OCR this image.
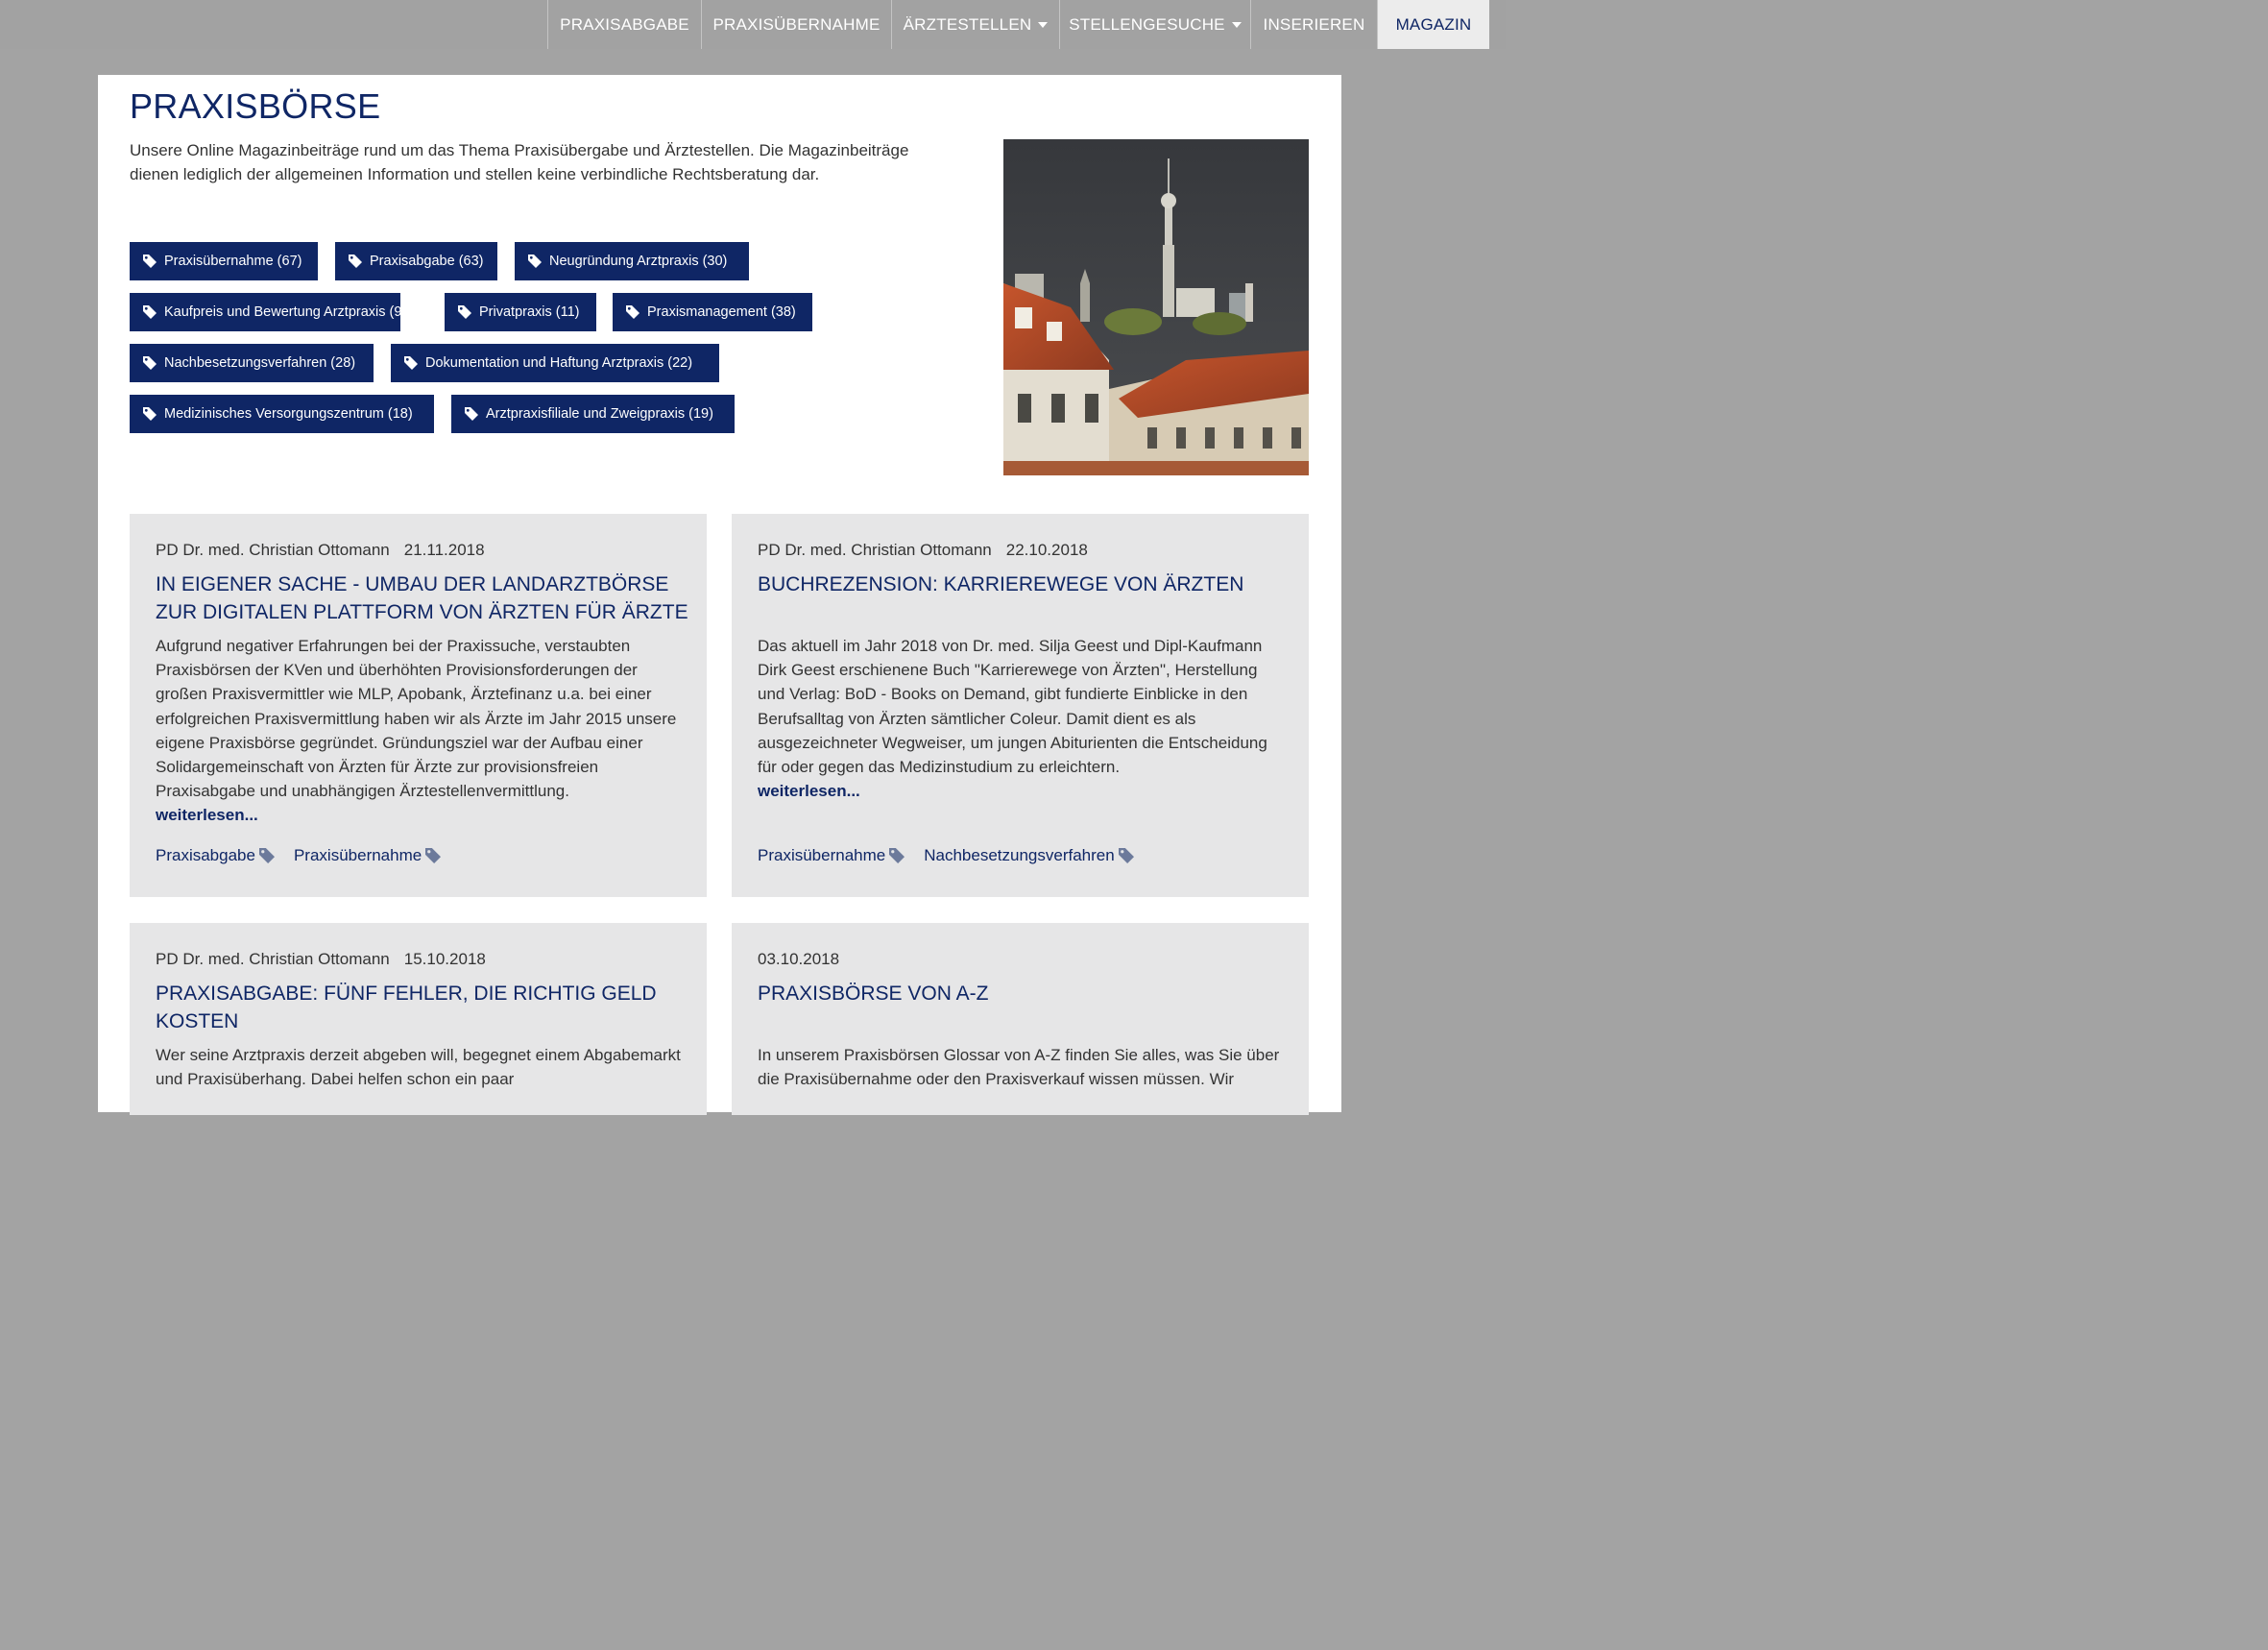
PRAXISABGABE PRAXISÜBERNAHME ÄRZTESTELLEN STELLENGESUCHE INSERIEREN MAGAZIN
PRAXISBÖRSE

Unsere Online Magazinbeiträge rund um das Thema Praxisübergabe und Ärztestellen. Die Magazinbeiträge dienen lediglich der allgemeinen Information und stellen keine verbindliche Rechtsberatung dar.

Praxisübernahme (67)	Praxisabgabe (63)	Neugründung Arztpraxis (30)
Kaufpreis und Bewertung Arztpraxis (9)	Privatpraxis (11)	Praxismanagement (38)
Nachbesetzungsverfahren (28)	Dokumentation und Haftung Arztpraxis (22)
Medizinisches Versorgungszentrum (18)	Arztpraxisfiliale und Zweigpraxis (19)
PD Dr. med. Christian Ottomann 21.11.2018
IN EIGENER SACHE - UMBAU DER LANDARZTBÖRSE ZUR DIGITALEN PLATTFORM VON ÄRZTEN FÜR ÄRZTE

Aufgrund negativer Erfahrungen bei der Praxissuche, verstaubten Praxisbörsen der KVen und überhöhten Provisionsforderungen der großen Praxisvermittler wie MLP, Apobank, Ärztefinanz u.a. bei einer erfolgreichen Praxisvermittlung haben wir als Ärzte im Jahr 2015 unsere eigene Praxisbörse gegründet. Gründungsziel war der Aufbau einer Solidargemeinschaft von Ärzten für Ärzte zur provisionsfreien Praxisabgabe und unabhängigen Ärztestellenvermittlung.
weiterlesen...

Praxisabgabe Praxisübernahme
PD Dr. med. Christian Ottomann 22.10.2018
BUCHREZENSION: KARRIEREWEGE VON ÄRZTEN

Das aktuell im Jahr 2018 von Dr. med. Silja Geest und Dipl-Kaufmann Dirk Geest erschienene Buch "Karrierewege von Ärzten", Herstellung und Verlag: BoD - Books on Demand, gibt fundierte Einblicke in den Berufsalltag von Ärzten sämtlicher Coleur. Damit dient es als ausgezeichneter Wegweiser, um jungen Abiturienten die Entscheidung für oder gegen das Medizinstudium zu erleichtern.
weiterlesen...

Praxisübernahme Nachbesetzungsverfahren
PD Dr. med. Christian Ottomann 15.10.2018
PRAXISABGABE: FÜNF FEHLER, DIE RICHTIG GELD KOSTEN

Wer seine Arztpraxis derzeit abgeben will, begegnet einem Abgabemarkt und Praxisüberhang. Dabei helfen schon ein paar

03.10.2018
PRAXISBÖRSE VON A-Z

In unserem Praxisbörsen Glossar von A-Z finden Sie alles, was Sie über die Praxisübernahme oder den Praxisverkauf wissen müssen. Wir
